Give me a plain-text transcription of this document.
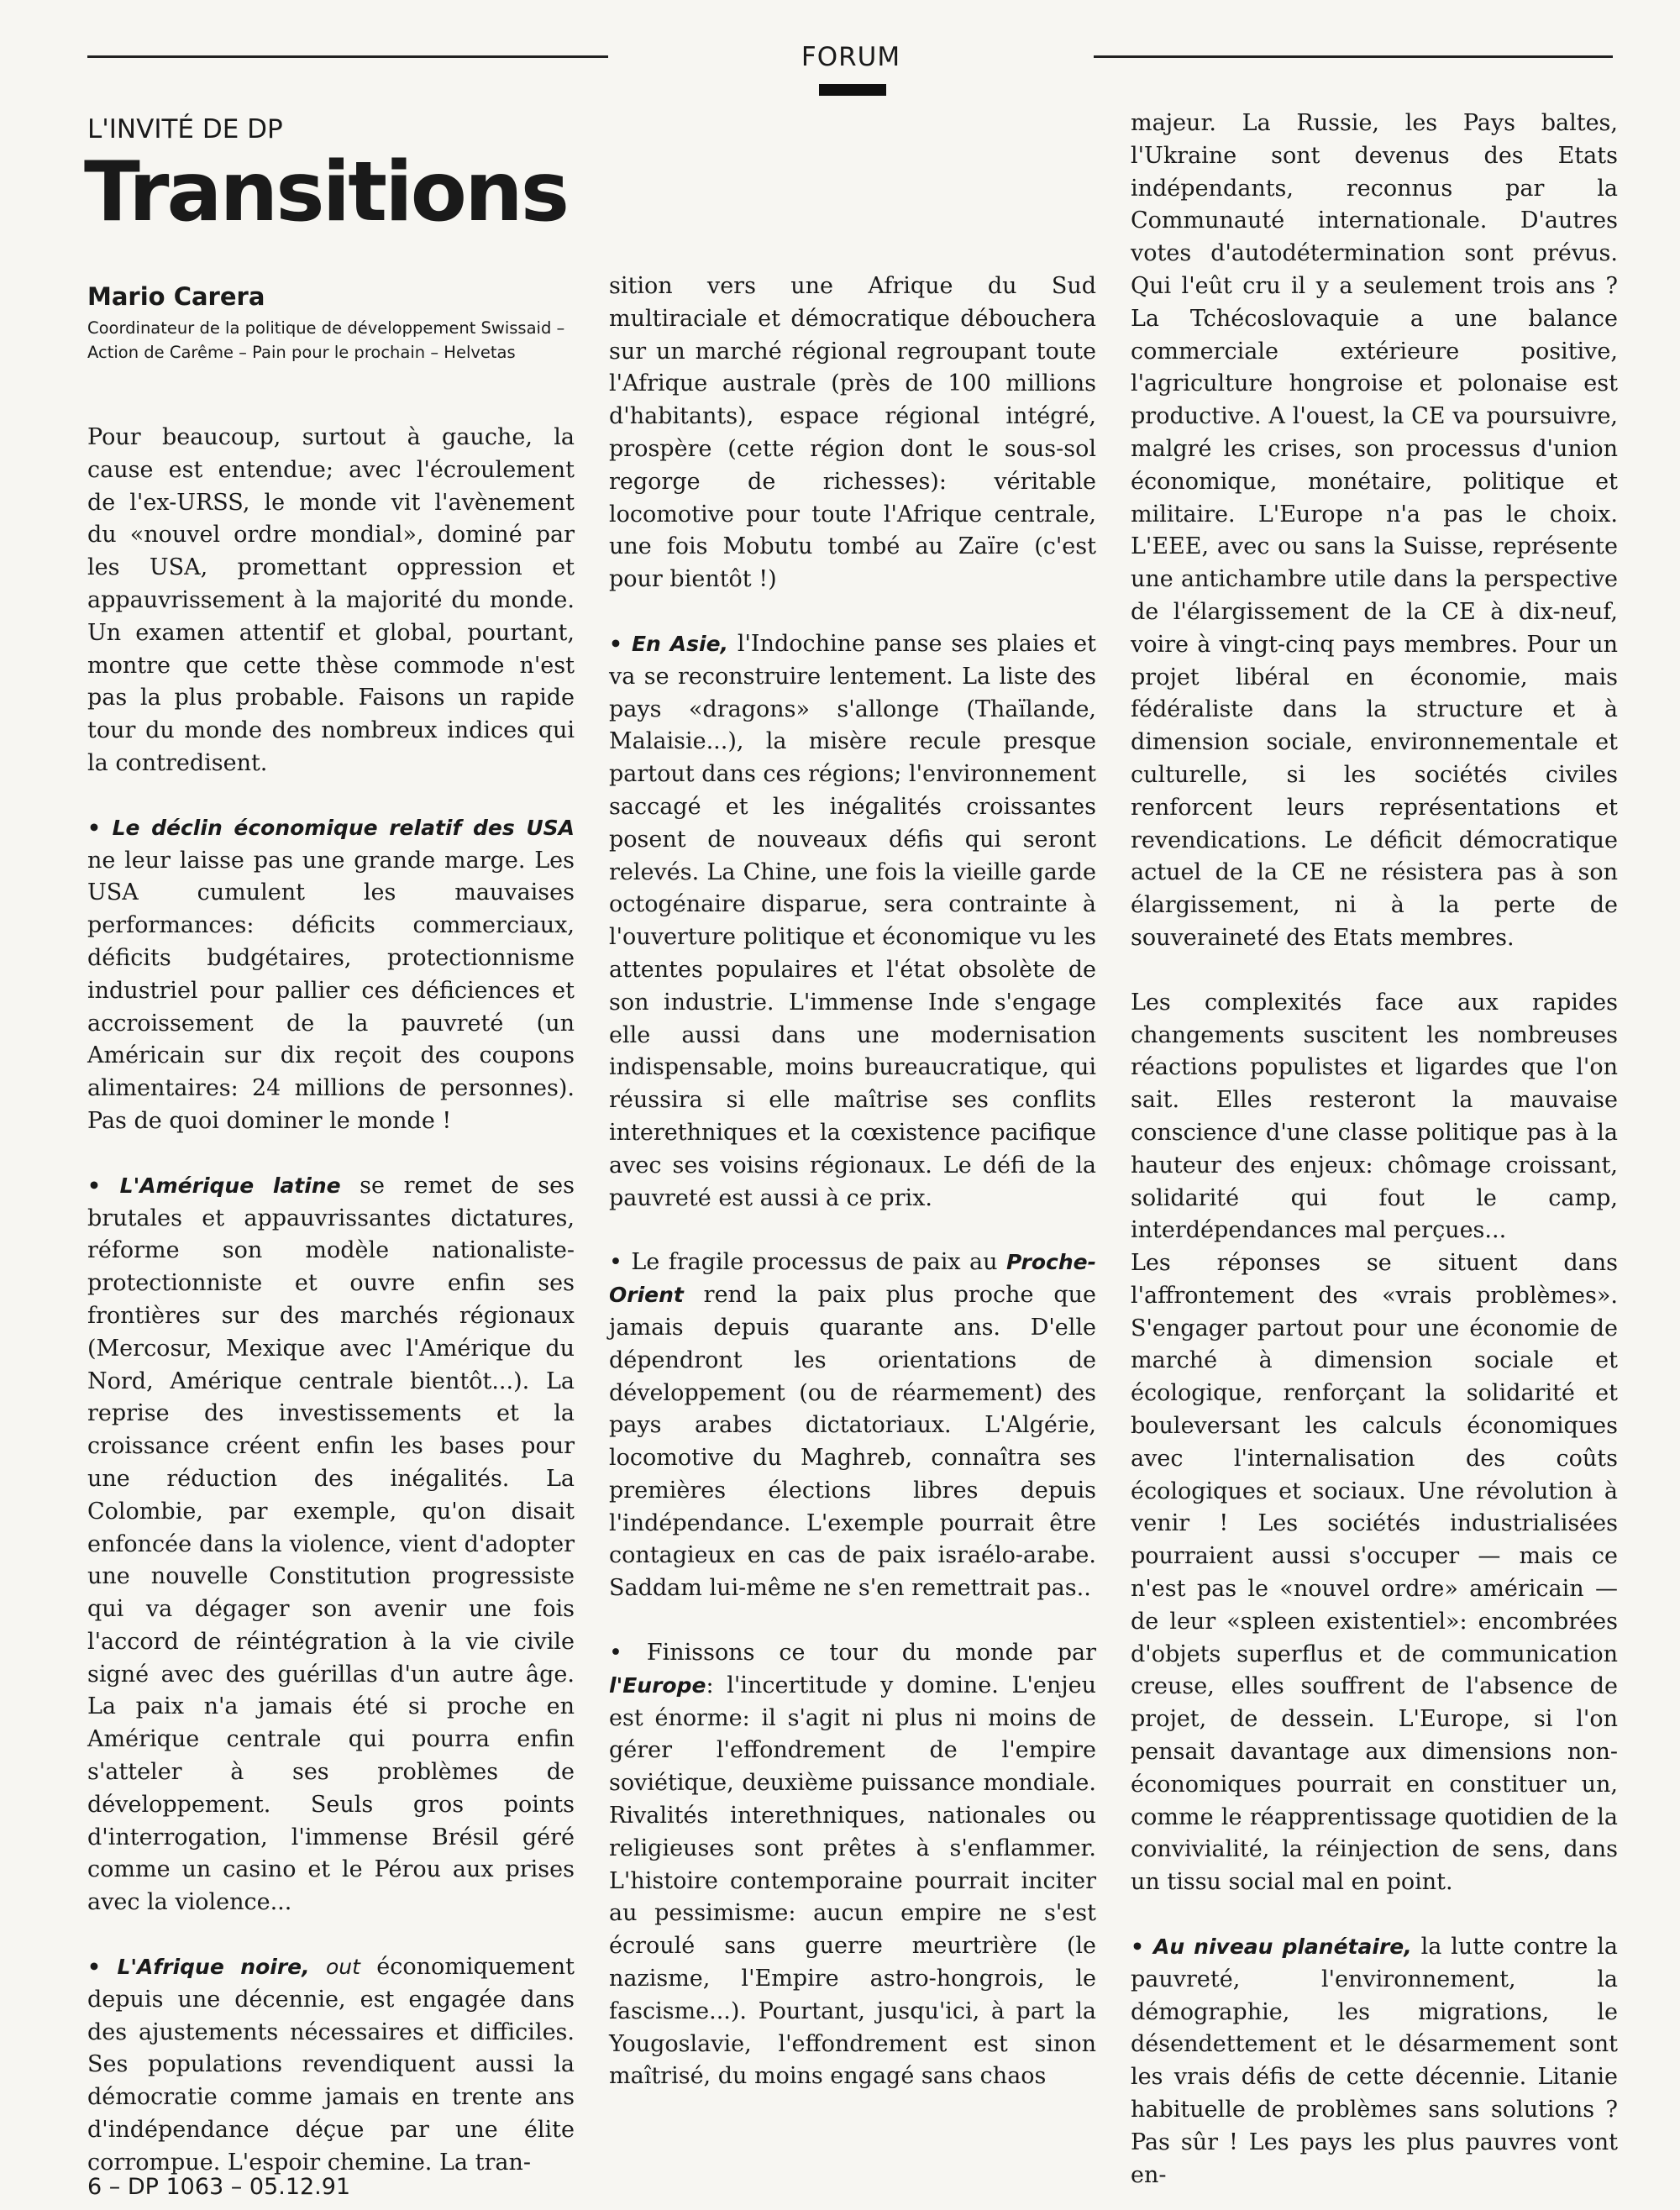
FORUM
L'INVITÉ DE DP
Transitions
Mario Carera
Coordinateur de la politique de développement Swissaid – Action de Carême – Pain pour le prochain – Helvetas

Pour beaucoup, surtout à gauche, la cause est entendue; avec l'écroulement de l'ex-URSS, le monde vit l'avènement du «nouvel ordre mondial», dominé par les USA, promettant oppression et appauvrissement à la majorité du monde. Un examen attentif et global, pourtant, montre que cette thèse commode n'est pas la plus probable. Faisons un rapide tour du monde des nombreux indices qui la contredisent.

• Le déclin économique relatif des USA ne leur laisse pas une grande marge. Les USA cumulent les mauvaises performances: déficits commerciaux, déficits budgétaires, protectionnisme industriel pour pallier ces déficiences et accroissement de la pauvreté (un Américain sur dix reçoit des coupons alimentaires: 24 millions de personnes). Pas de quoi dominer le monde !

• L'Amérique latine se remet de ses brutales et appauvrissantes dictatures, réforme son modèle nationaliste-protectionniste et ouvre enfin ses frontières sur des marchés régionaux (Mercosur, Mexique avec l'Amérique du Nord, Amérique centrale bientôt...). La reprise des investissements et la croissance créent enfin les bases pour une réduction des inégalités. La Colombie, par exemple, qu'on disait enfoncée dans la violence, vient d'adopter une nouvelle Constitution progressiste qui va dégager son avenir une fois l'accord de réintégration à la vie civile signé avec des guérillas d'un autre âge. La paix n'a jamais été si proche en Amérique centrale qui pourra enfin s'atteler à ses problèmes de développement. Seuls gros points d'interrogation, l'immense Brésil géré comme un casino et le Pérou aux prises avec la violence...

• L'Afrique noire, out économiquement depuis une décennie, est engagée dans des ajustements nécessaires et difficiles. Ses populations revendiquent aussi la démocratie comme jamais en trente ans d'indépendance déçue par une élite corrompue. L'espoir chemine. La tran-

sition vers une Afrique du Sud multiraciale et démocratique débouchera sur un marché régional regroupant toute l'Afrique australe (près de 100 millions d'habitants), espace régional intégré, prospère (cette région dont le sous-sol regorge de richesses): véritable locomotive pour toute l'Afrique centrale, une fois Mobutu tombé au Zaïre (c'est pour bientôt !)

• En Asie, l'Indochine panse ses plaies et va se reconstruire lentement. La liste des pays «dragons» s'allonge (Thaïlande, Malaisie...), la misère recule presque partout dans ces régions; l'environnement saccagé et les inégalités croissantes posent de nouveaux défis qui seront relevés. La Chine, une fois la vieille garde octogénaire disparue, sera contrainte à l'ouverture politique et économique vu les attentes populaires et l'état obsolète de son industrie. L'immense Inde s'engage elle aussi dans une modernisation indispensable, moins bureaucratique, qui réussira si elle maîtrise ses conflits interethniques et la cœxistence pacifique avec ses voisins régionaux. Le défi de la pauvreté est aussi à ce prix.

• Le fragile processus de paix au Proche-Orient rend la paix plus proche que jamais depuis quarante ans. D'elle dépendront les orientations de développement (ou de réarmement) des pays arabes dictatoriaux. L'Algérie, locomotive du Maghreb, connaîtra ses premières élections libres depuis l'indépendance. L'exemple pourrait être contagieux en cas de paix israélo-arabe. Saddam lui-même ne s'en remettrait pas..

• Finissons ce tour du monde par l'Europe: l'incertitude y domine. L'enjeu est énorme: il s'agit ni plus ni moins de gérer l'effondrement de l'empire soviétique, deuxième puissance mondiale. Rivalités interethniques, nationales ou religieuses sont prêtes à s'enflammer. L'histoire contemporaine pourrait inciter au pessimisme: aucun empire ne s'est écroulé sans guerre meurtrière (le nazisme, l'Empire astro-hongrois, le fascisme...). Pourtant, jusqu'ici, à part la Yougoslavie, l'effondrement est sinon maîtrisé, du moins engagé sans chaos

majeur. La Russie, les Pays baltes, l'Ukraine sont devenus des Etats indépendants, reconnus par la Communauté internationale. D'autres votes d'autodétermination sont prévus. Qui l'eût cru il y a seulement trois ans ? La Tchécoslovaquie a une balance commerciale extérieure positive, l'agriculture hongroise et polonaise est productive. A l'ouest, la CE va poursuivre, malgré les crises, son processus d'union économique, monétaire, politique et militaire. L'Europe n'a pas le choix. L'EEE, avec ou sans la Suisse, représente une antichambre utile dans la perspective de l'élargissement de la CE à dix-neuf, voire à vingt-cinq pays membres. Pour un projet libéral en économie, mais fédéraliste dans la structure et à dimension sociale, environnementale et culturelle, si les sociétés civiles renforcent leurs représentations et revendications. Le déficit démocratique actuel de la CE ne résistera pas à son élargissement, ni à la perte de souveraineté des Etats membres.

Les complexités face aux rapides changements suscitent les nombreuses réactions populistes et ligardes que l'on sait. Elles resteront la mauvaise conscience d'une classe politique pas à la hauteur des enjeux: chômage croissant, solidarité qui fout le camp, interdépendances mal perçues...

Les réponses se situent dans l'affrontement des «vrais problèmes». S'engager partout pour une économie de marché à dimension sociale et écologique, renforçant la solidarité et bouleversant les calculs économiques avec l'internalisation des coûts écologiques et sociaux. Une révolution à venir ! Les sociétés industrialisées pourraient aussi s'occuper — mais ce n'est pas le «nouvel ordre» américain — de leur «spleen existentiel»: encombrées d'objets superflus et de communication creuse, elles souffrent de l'absence de projet, de dessein. L'Europe, si l'on pensait davantage aux dimensions non-économiques pourrait en constituer un, comme le réapprentissage quotidien de la convivialité, la réinjection de sens, dans un tissu social mal en point.

• Au niveau planétaire, la lutte contre la pauvreté, l'environnement, la démographie, les migrations, le désendettement et le désarmement sont les vrais défis de cette décennie. Litanie habituelle de problèmes sans solutions ? Pas sûr ! Les pays les plus pauvres vont en-

6 – DP 1063 – 05.12.91
